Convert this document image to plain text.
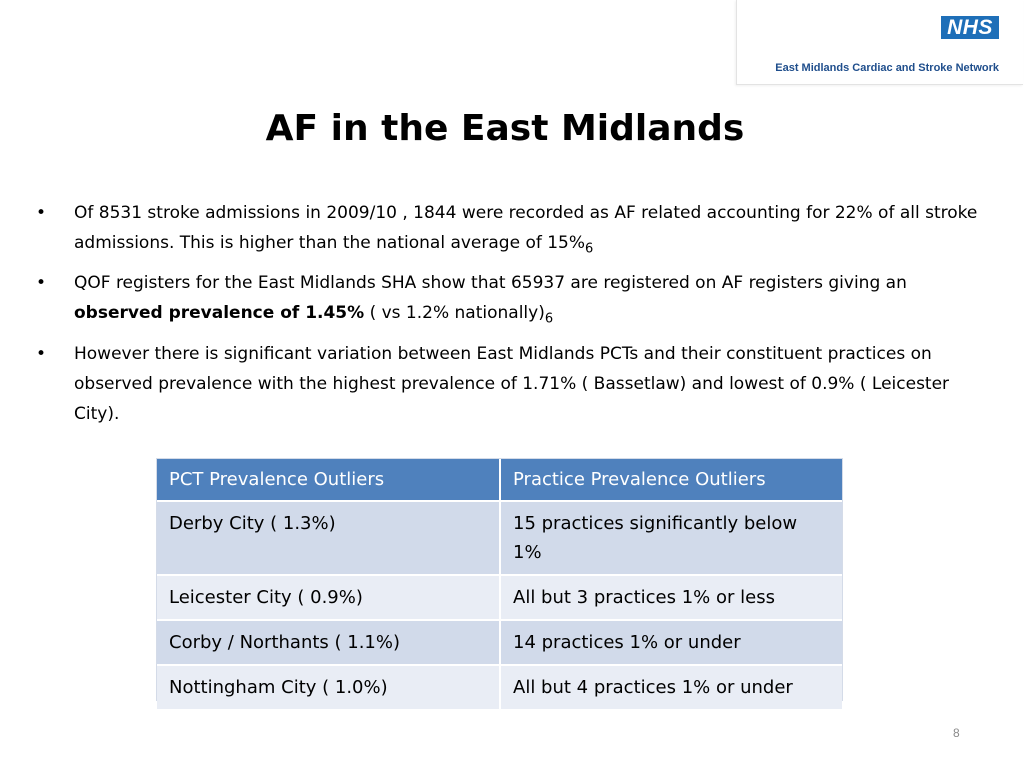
NHS
East Midlands Cardiac and Stroke Network
AF in the East Midlands
• Of 8531 stroke admissions in 2009/10 , 1844 were recorded as AF related accounting for 22% of all stroke admissions. This is higher than the national average of $15\%_6$
• QOF registers for the East Midlands SHA show that 65937 are registered on AF registers giving an observed prevalence of 1.45% ( vs 1.2% $nationally)_6$
• However there is significant variation between East Midlands PCTs and their constituent practices on observed prevalence with the highest prevalence of 1.71% ( Bassetlaw) and lowest of 0.9% ( Leicester City).
PCT Prevalence Outliers	Practice Prevalence Outliers
Derby City ( 1.3%)	15 practices significantly below 1%
Leicester City ( 0.9%)	All but 3 practices 1% or less
Corby / Northants ( 1.1%)	14 practices 1% or under
Nottingham City ( 1.0%)	All but 4 practices 1% or under
8
